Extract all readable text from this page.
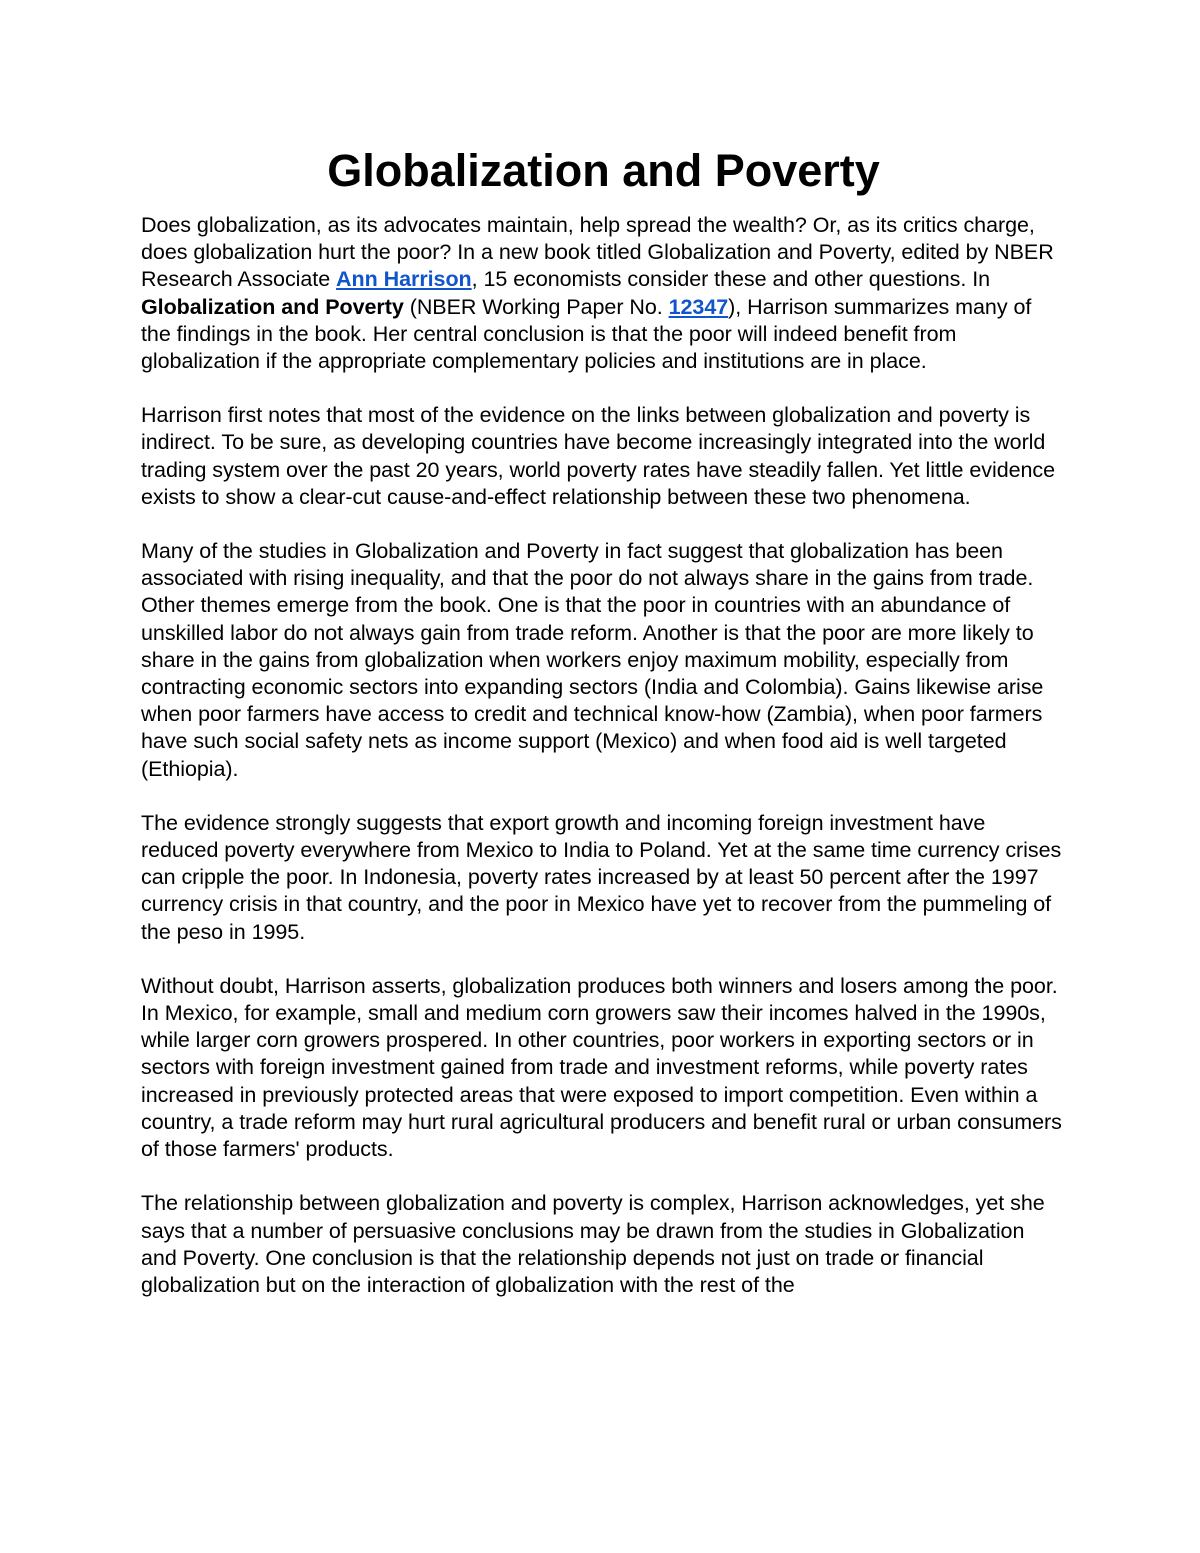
Globalization and Poverty

Does globalization, as its advocates maintain, help spread the wealth? Or, as its critics charge, does globalization hurt the poor? In a new book titled Globalization and Poverty, edited by NBER Research Associate Ann Harrison, 15 economists consider these and other questions. In Globalization and Poverty (NBER Working Paper No. 12347), Harrison summarizes many of the findings in the book. Her central conclusion is that the poor will indeed benefit from globalization if the appropriate complementary policies and institutions are in place.

Harrison first notes that most of the evidence on the links between globalization and poverty is indirect. To be sure, as developing countries have become increasingly integrated into the world trading system over the past 20 years, world poverty rates have steadily fallen. Yet little evidence exists to show a clear-cut cause-and-effect relationship between these two phenomena.

Many of the studies in Globalization and Poverty in fact suggest that globalization has been associated with rising inequality, and that the poor do not always share in the gains from trade. Other themes emerge from the book. One is that the poor in countries with an abundance of unskilled labor do not always gain from trade reform. Another is that the poor are more likely to share in the gains from globalization when workers enjoy maximum mobility, especially from contracting economic sectors into expanding sectors (India and Colombia). Gains likewise arise when poor farmers have access to credit and technical know-how (Zambia), when poor farmers have such social safety nets as income support (Mexico) and when food aid is well targeted (Ethiopia).

The evidence strongly suggests that export growth and incoming foreign investment have reduced poverty everywhere from Mexico to India to Poland. Yet at the same time currency crises can cripple the poor. In Indonesia, poverty rates increased by at least 50 percent after the 1997 currency crisis in that country, and the poor in Mexico have yet to recover from the pummeling of the peso in 1995.

Without doubt, Harrison asserts, globalization produces both winners and losers among the poor. In Mexico, for example, small and medium corn growers saw their incomes halved in the 1990s, while larger corn growers prospered. In other countries, poor workers in exporting sectors or in sectors with foreign investment gained from trade and investment reforms, while poverty rates increased in previously protected areas that were exposed to import competition. Even within a country, a trade reform may hurt rural agricultural producers and benefit rural or urban consumers of those farmers' products.

The relationship between globalization and poverty is complex, Harrison acknowledges, yet she says that a number of persuasive conclusions may be drawn from the studies in Globalization and Poverty. One conclusion is that the relationship depends not just on trade or financial globalization but on the interaction of globalization with the rest of the
